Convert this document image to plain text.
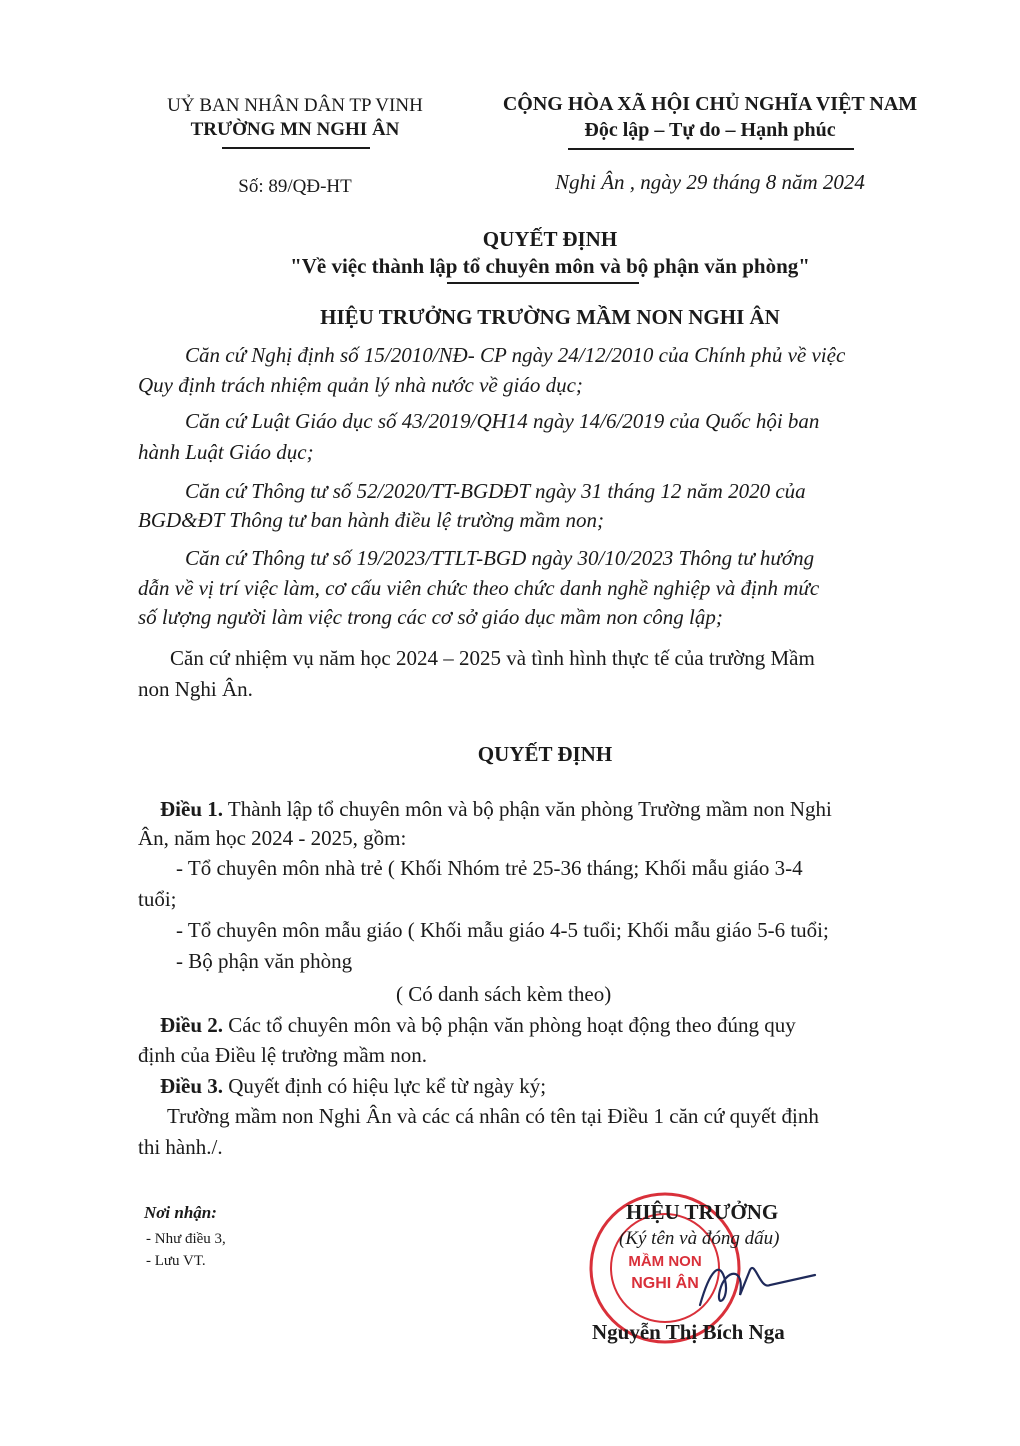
UỶ BAN NHÂN DÂN TP VINH
TRƯỜNG MN NGHI ÂN
Số: 89/QĐ-HT
CỘNG HÒA XÃ HỘI CHỦ NGHĨA VIỆT NAM
Độc lập – Tự do – Hạnh phúc
Nghi Ân , ngày 29 tháng 8 năm 2024
QUYẾT ĐỊNH
"Về việc thành lập tổ chuyên môn và bộ phận văn phòng"
HIỆU TRƯỞNG TRƯỜNG MẦM NON NGHI ÂN
Căn cứ Nghị định số 15/2010/NĐ- CP ngày 24/12/2010 của Chính phủ về việc
Quy định trách nhiệm quản lý nhà nước về giáo dục;
Căn cứ Luật Giáo dục số 43/2019/QH14 ngày 14/6/2019 của Quốc hội ban
hành Luật Giáo dục;
Căn cứ Thông tư số 52/2020/TT-BGDĐT ngày 31 tháng 12 năm 2020 của
BGD&ĐT Thông tư ban hành điều lệ trường mầm non;
Căn cứ Thông tư số 19/2023/TTLT-BGD ngày 30/10/2023 Thông tư hướng
dẫn về vị trí việc làm, cơ cấu viên chức theo chức danh nghề nghiệp và định mức
số lượng người làm việc trong các cơ sở giáo dục mầm non công lập;
Căn cứ nhiệm vụ năm học 2024 – 2025 và tình hình thực tế của trường Mầm
non Nghi Ân.
QUYẾT ĐỊNH
Điều 1. Thành lập tổ chuyên môn và bộ phận văn phòng Trường mầm non Nghi
Ân, năm học 2024 - 2025, gồm:
- Tổ chuyên môn nhà trẻ ( Khối Nhóm trẻ 25-36 tháng; Khối mẫu giáo 3-4
tuổi;
- Tổ chuyên môn mẫu giáo ( Khối mẫu giáo 4-5 tuổi; Khối mẫu giáo 5-6 tuổi;
- Bộ phận văn phòng
( Có danh sách kèm theo)
Điều 2. Các tổ chuyên môn và bộ phận văn phòng hoạt động theo đúng quy
định của Điều lệ trường mầm non.
Điều 3. Quyết định có hiệu lực kể từ ngày ký;
Trường mầm non Nghi Ân và các cá nhân có tên tại Điều 1 căn cứ quyết định
thi hành./.
Nơi nhận:
- Như điều 3,
- Lưu VT.	MẦM NON
NGHI ÂN
HIỆU TRƯỞNG
(Ký tên và đóng dấu)
Nguyễn Thị Bích Nga
